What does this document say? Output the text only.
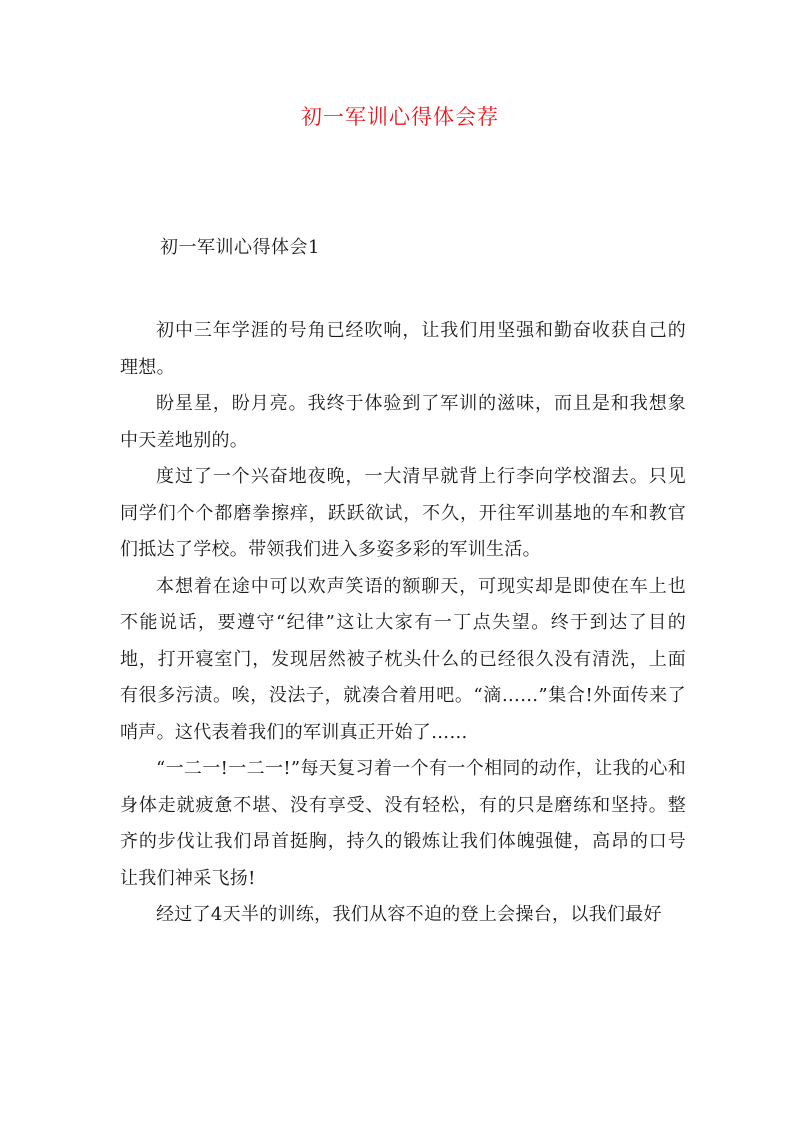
初一军训心得体会荐
初一军训心得体会1

初中三年学涯的号角已经吹响，让我们用坚强和勤奋收获自己的理想。

盼星星，盼月亮。我终于体验到了军训的滋味，而且是和我想象中天差地别的。

度过了一个兴奋地夜晚，一大清早就背上行李向学校溜去。只见同学们个个都磨拳擦痒，跃跃欲试，不久，开往军训基地的车和教官们抵达了学校。带领我们进入多姿多彩的军训生活。

本想着在途中可以欢声笑语的额聊天，可现实却是即使在车上也不能说话，要遵守“纪律”这让大家有一丁点失望。终于到达了目的地，打开寝室门，发现居然被子枕头什么的已经很久没有清洗，上面有很多污渍。唉，没法子，就凑合着用吧。“滴……”集合!外面传来了哨声。这代表着我们的军训真正开始了……

“一二一!一二一!”每天复习着一个有一个相同的动作，让我的心和身体走就疲惫不堪、没有享受、没有轻松，有的只是磨练和坚持。整齐的步伐让我们昂首挺胸，持久的锻炼让我们体魄强健，高昂的口号让我们神采飞扬!

经过了4天半的训练，我们从容不迫的登上会操台，以我们最好
